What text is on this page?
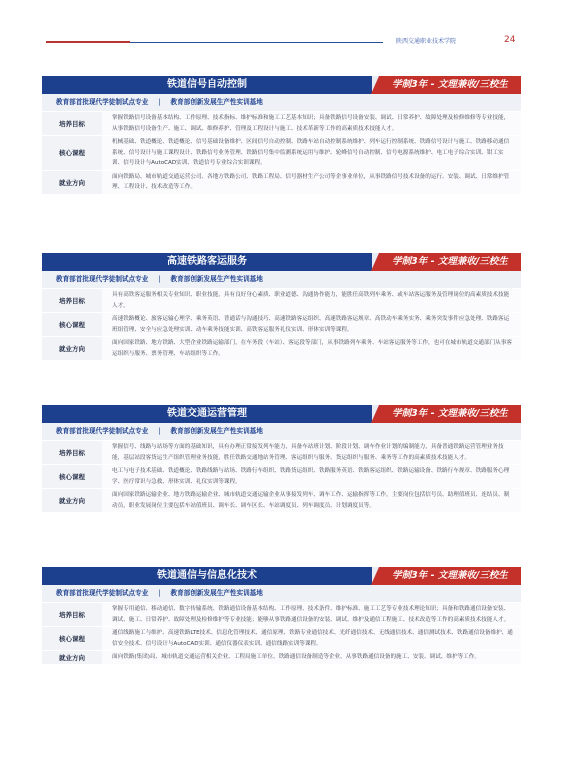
陕西交通职业技术学院	24
铁道信号自动控制	学制3年 - 文理兼收/三校生
教育部首批现代学徒制试点专业 | 教育部创新发展生产性实训基地
培养目标
掌握铁路信号设备基本结构、工作原理、技术指标、维护标准和施工工艺基本知识；具备铁路信号设备安装、调试、日常养护、故障处理及检修维修等专业技能，从事铁路信号设备生产、施工、调试、维修养护、管理及工程设计与施工、技术革新等工作的高素质技术技能人才。
核心课程
机械基础、铁道概论、铁道概论、信号基础设备维护、区间信号自动控制、铁路车站自动控制系统维护、列车运行控制系统、铁路信号设计与施工、铁路移动通信系统、信号设计与施工课程设计、铁路信号业务管理、铁路信号集中监测系统运用与维护、轮峰信号自动控制、信号电源系统维护、电工电子综合实训、钳工实训、信号设计与AutoCAD实训、铁道信号专业综合实训课程。
就业方向
面向铁路局、城市轨道交通运营公司、各地方铁路公司、铁路工程局、信号器材生产公司等企事业单位，从事铁路信号技术设备的运行、安装、调试、日常维护管理、工程设计、技术改造等工作。
高速铁路客运服务	学制3年 - 文理兼收/三校生
教育部首批现代学徒制试点专业 | 教育部创新发展生产性实训基地
培养目标
具有高铁客运服务相关专业知识、职业技能，具有良好身心素质、职业道德、沟通协作能力，能胜任高铁列车乘务、或车站客运服务及管理岗位的高素质技术技能人才。
核心课程
高速铁路概论、旅客运输心理学、乘务英语、普通话与沟通技巧、高速铁路客运组织、高速铁路客运规章、高铁动车乘务实务、乘务突发事件应急处理、铁路客运班组管理、安全与应急处理实训、动车乘务技能实训、高铁客运服务礼仪实训、形体实训等课程。
就业方向
面向国家铁路、地方铁路、大型企业铁路运输部门，在车务段（车站）、客运段等部门，从事铁路列车乘务、车站客运服务等工作，也可在城市轨道交通部门从事客运组织与服务、票务管理、车站组织等工作。
铁道交通运营管理	学制3年 - 文理兼收/三校生
教育部首批现代学徒制试点专业 | 教育部创新发展生产性实训基地
培养目标
掌握信号、线路与站场等方面的基础知识，具有办理正常接发列车能力，具备车站班计划、阶段计划、调车作业计划的编制能力，具备普通铁路运营管理业务技能，基层站段客货运生产组织管理业务技能，胜任铁路交通地站务管理、客运组织与服务、货运组织与服务、乘务等工作的高素质技术技能人才。
核心课程
电工与电子技术基础、铁道概论、铁路线路与站场、铁路行车组织、铁路货运组织、铁路服务英语、铁路客运组织、铁路运输设备、铁路行车规章、铁路服务心理学、医疗常识与急救、形体实训、礼仪实训等课程。
就业方向
面向国家铁路运输企业、地方铁路运输企业、城市轨道交通运输企业从事接发列车、调车工作、运输指挥等工作，主要岗位包括信号员、助理值班员、连结员、制动员，职业发展岗位主要包括车站值班员、调车长、调车区长、车站调度员、列车调度员、计划调度员等。
铁道通信与信息化技术	学制3年 - 文理兼收/三校生
教育部首批现代学徒制试点专业 | 教育部创新发展生产性实训基地
培养目标
掌握专用通信、移动通信、数字传输系统、铁路通信设备基本结构、工作原理、技术条件、维护标准、施工工艺等专业技术理论知识；具备和铁路通信设备安装、调试、施工、日常养护、故障处理及检修维护等专业技能；能够从事铁路通信设备的安装、调试、维护及通信工程施工、技术改造等工作的高素质技术技能人才。
核心课程
通信线路施工与维护、高速铁路LTE技术、信息化管理技术、通信原理、铁路专业通信技术、光纤通信技术、无线通信技术、通信测试技术、铁路通信设备维护、通信安全技术、信号设计与AutoCAD实训、通信仪器仪表实训、通信线路实训等课程。
就业方向	面向铁路(集团)局、城市轨道交通运营相关企业、工程局施工单位、铁路通信设备制造等企业，从事铁路通信设备的施工、安装、调试、维护等工作。
